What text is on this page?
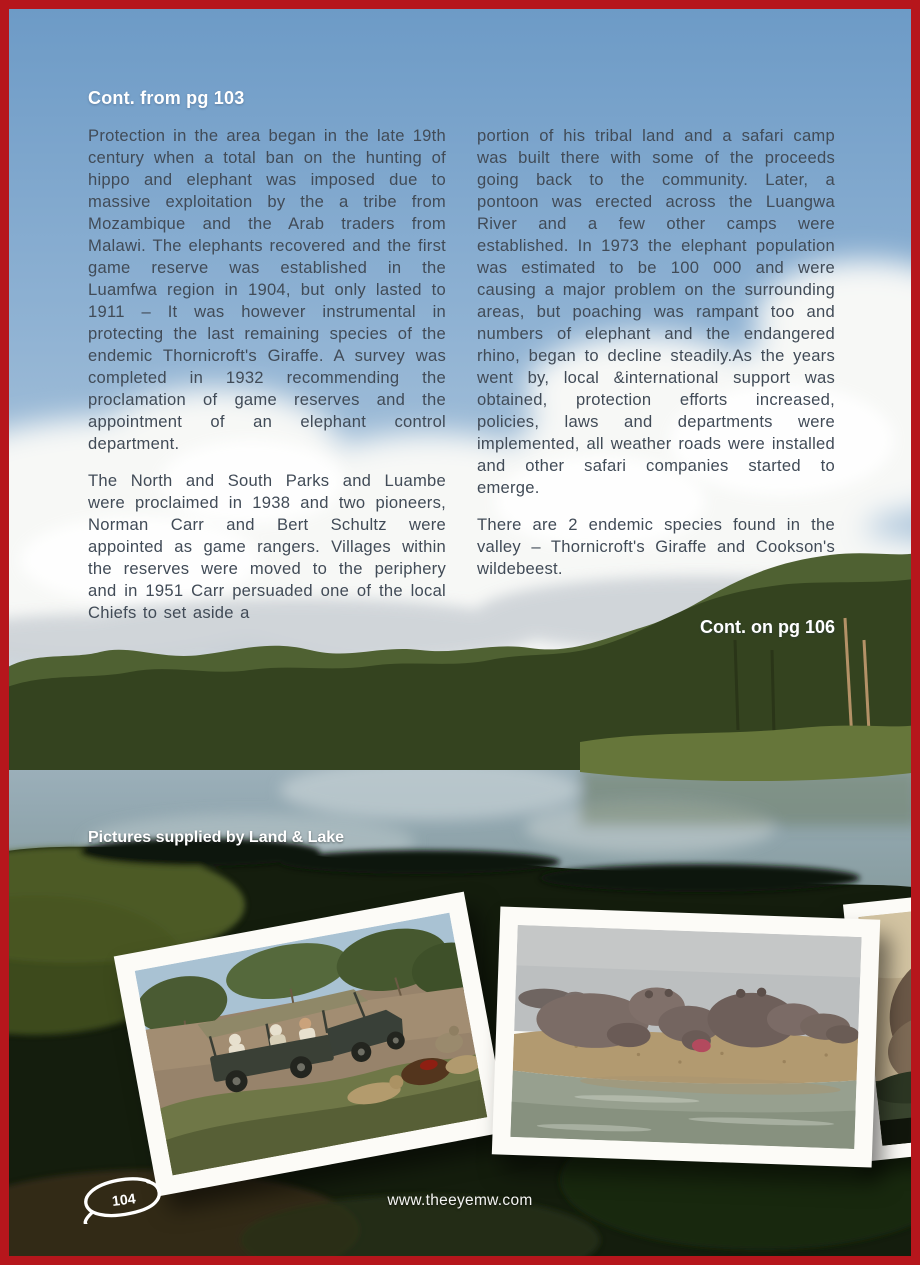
Cont. from pg 103

Protection in the area began in the late 19th century when a total ban on the hunting of hippo and elephant was imposed due to massive exploitation by the a tribe from Mozambique and the Arab traders from Malawi. The elephants recovered and the first game reserve was established in the Luamfwa region in 1904, but only lasted to 1911 – It was however instrumental in protecting the last remaining species of the endemic Thornicroft's Giraffe. A survey was completed in 1932 recommending the proclamation of game reserves and the appointment of an elephant control department.

The North and South Parks and Luambe were proclaimed in 1938 and two pioneers, Norman Carr and Bert Schultz were appointed as game rangers. Villages within the reserves were moved to the periphery and in 1951 Carr persuaded one of the local Chiefs to set aside a

portion of his tribal land and a safari camp was built there with some of the proceeds going back to the community. Later, a pontoon was erected across the Luangwa River and a few other camps were established. In 1973 the elephant population was estimated to be 100 000 and were causing a major problem on the surrounding areas, but poaching was rampant too and numbers of elephant and the endangered rhino, began to decline steadily.As the years went by, local &international support was obtained, protection efforts increased, policies, laws and departments were implemented, all weather roads were installed and other safari companies started to emerge.

There are 2 endemic species found in the valley – Thornicroft's Giraffe and Cookson's wildebeest.

Cont. on pg 106
Pictures supplied by Land & Lake
104	www.theeyemw.com
